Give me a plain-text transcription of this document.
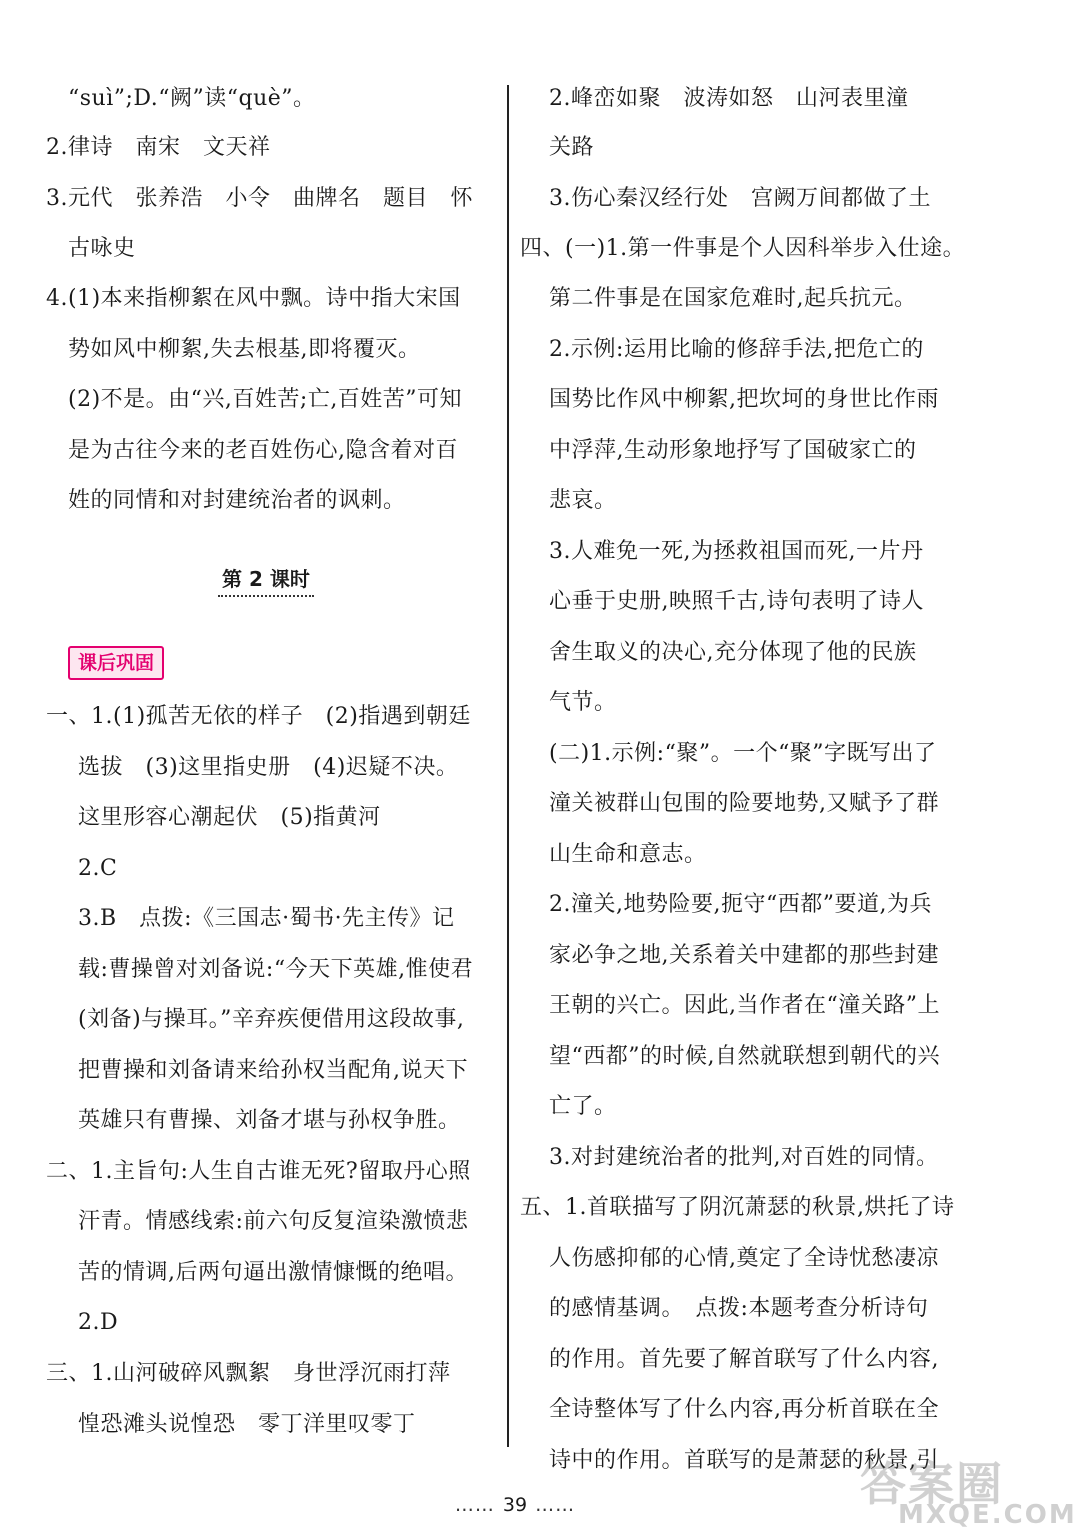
“suì”;D.“阙”读“què”。
2.律诗　南宋　文天祥
3.元代　张养浩　小令　曲牌名　题目　怀
古咏史
4.(1)本来指柳絮在风中飘。诗中指大宋国
势如风中柳絮,失去根基,即将覆灭。
(2)不是。由“兴,百姓苦;亡,百姓苦”可知
是为古往今来的老百姓伤心,隐含着对百
姓的同情和对封建统治者的讽刺。
第 2 课时
课后巩固
一、1.(1)孤苦无依的样子　(2)指遇到朝廷
选拔　(3)这里指史册　(4)迟疑不决。
这里形容心潮起伏　(5)指黄河
2.C
3.B　点拨:《三国志·蜀书·先主传》记
载:曹操曾对刘备说:“今天下英雄,惟使君
(刘备)与操耳。”辛弃疾便借用这段故事,
把曹操和刘备请来给孙权当配角,说天下
英雄只有曹操、刘备才堪与孙权争胜。
二、1.主旨句:人生自古谁无死?留取丹心照
汗青。情感线索:前六句反复渲染激愤悲
苦的情调,后两句逼出激情慷慨的绝唱。
2.D
三、1.山河破碎风飘絮　身世浮沉雨打萍
惶恐滩头说惶恐　零丁洋里叹零丁
2.峰峦如聚　波涛如怒　山河表里潼
关路
3.伤心秦汉经行处　宫阙万间都做了土
四、(一)1.第一件事是个人因科举步入仕途。
第二件事是在国家危难时,起兵抗元。
2.示例:运用比喻的修辞手法,把危亡的
国势比作风中柳絮,把坎坷的身世比作雨
中浮萍,生动形象地抒写了国破家亡的
悲哀。
3.人难免一死,为拯救祖国而死,一片丹
心垂于史册,映照千古,诗句表明了诗人
舍生取义的决心,充分体现了他的民族
气节。
(二)1.示例:“聚”。一个“聚”字既写出了
潼关被群山包围的险要地势,又赋予了群
山生命和意志。
2.潼关,地势险要,扼守“西都”要道,为兵
家必争之地,关系着关中建都的那些封建
王朝的兴亡。因此,当作者在“潼关路”上
望“西都”的时候,自然就联想到朝代的兴
亡了。
3.对封建统治者的批判,对百姓的同情。
五、1.首联描写了阴沉萧瑟的秋景,烘托了诗
人伤感抑郁的心情,奠定了全诗忧愁凄凉
的感情基调。　点拨:本题考查分析诗句
的作用。首先要了解首联写了什么内容,
全诗整体写了什么内容,再分析首联在全
诗中的作用。首联写的是萧瑟的秋景,引
…… 39 ……	答案圈
MXQE.COM
